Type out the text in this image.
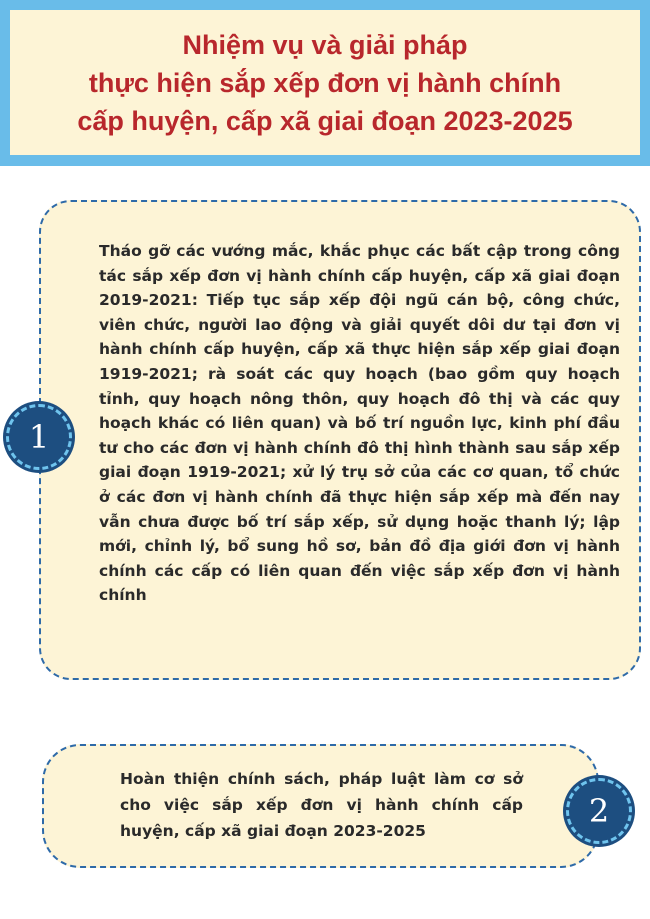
Nhiệm vụ và giải pháp
thực hiện sắp xếp đơn vị hành chính
cấp huyện, cấp xã giai đoạn 2023-2025
Tháo gỡ các vướng mắc, khắc phục các bất cập trong công tác sắp xếp đơn vị hành chính cấp huyện, cấp xã giai đoạn 2019-2021: Tiếp tục sắp xếp đội ngũ cán bộ, công chức, viên chức, người lao động và giải quyết dôi dư tại đơn vị hành chính cấp huyện, cấp xã thực hiện sắp xếp giai đoạn 1919-2021; rà soát các quy hoạch (bao gồm quy hoạch tỉnh, quy hoạch nông thôn, quy hoạch đô thị và các quy hoạch khác có liên quan) và bố trí nguồn lực, kinh phí đầu tư cho các đơn vị hành chính đô thị hình thành sau sắp xếp giai đoạn 1919-2021; xử lý trụ sở của các cơ quan, tổ chức ở các đơn vị hành chính đã thực hiện sắp xếp mà đến nay vẫn chưa được bố trí sắp xếp, sử dụng hoặc thanh lý; lập mới, chỉnh lý, bổ sung hồ sơ, bản đồ địa giới đơn vị hành chính các cấp có liên quan đến việc sắp xếp đơn vị hành chính
1
Hoàn thiện chính sách, pháp luật làm cơ sở cho việc sắp xếp đơn vị hành chính cấp huyện, cấp xã giai đoạn 2023-2025
2
